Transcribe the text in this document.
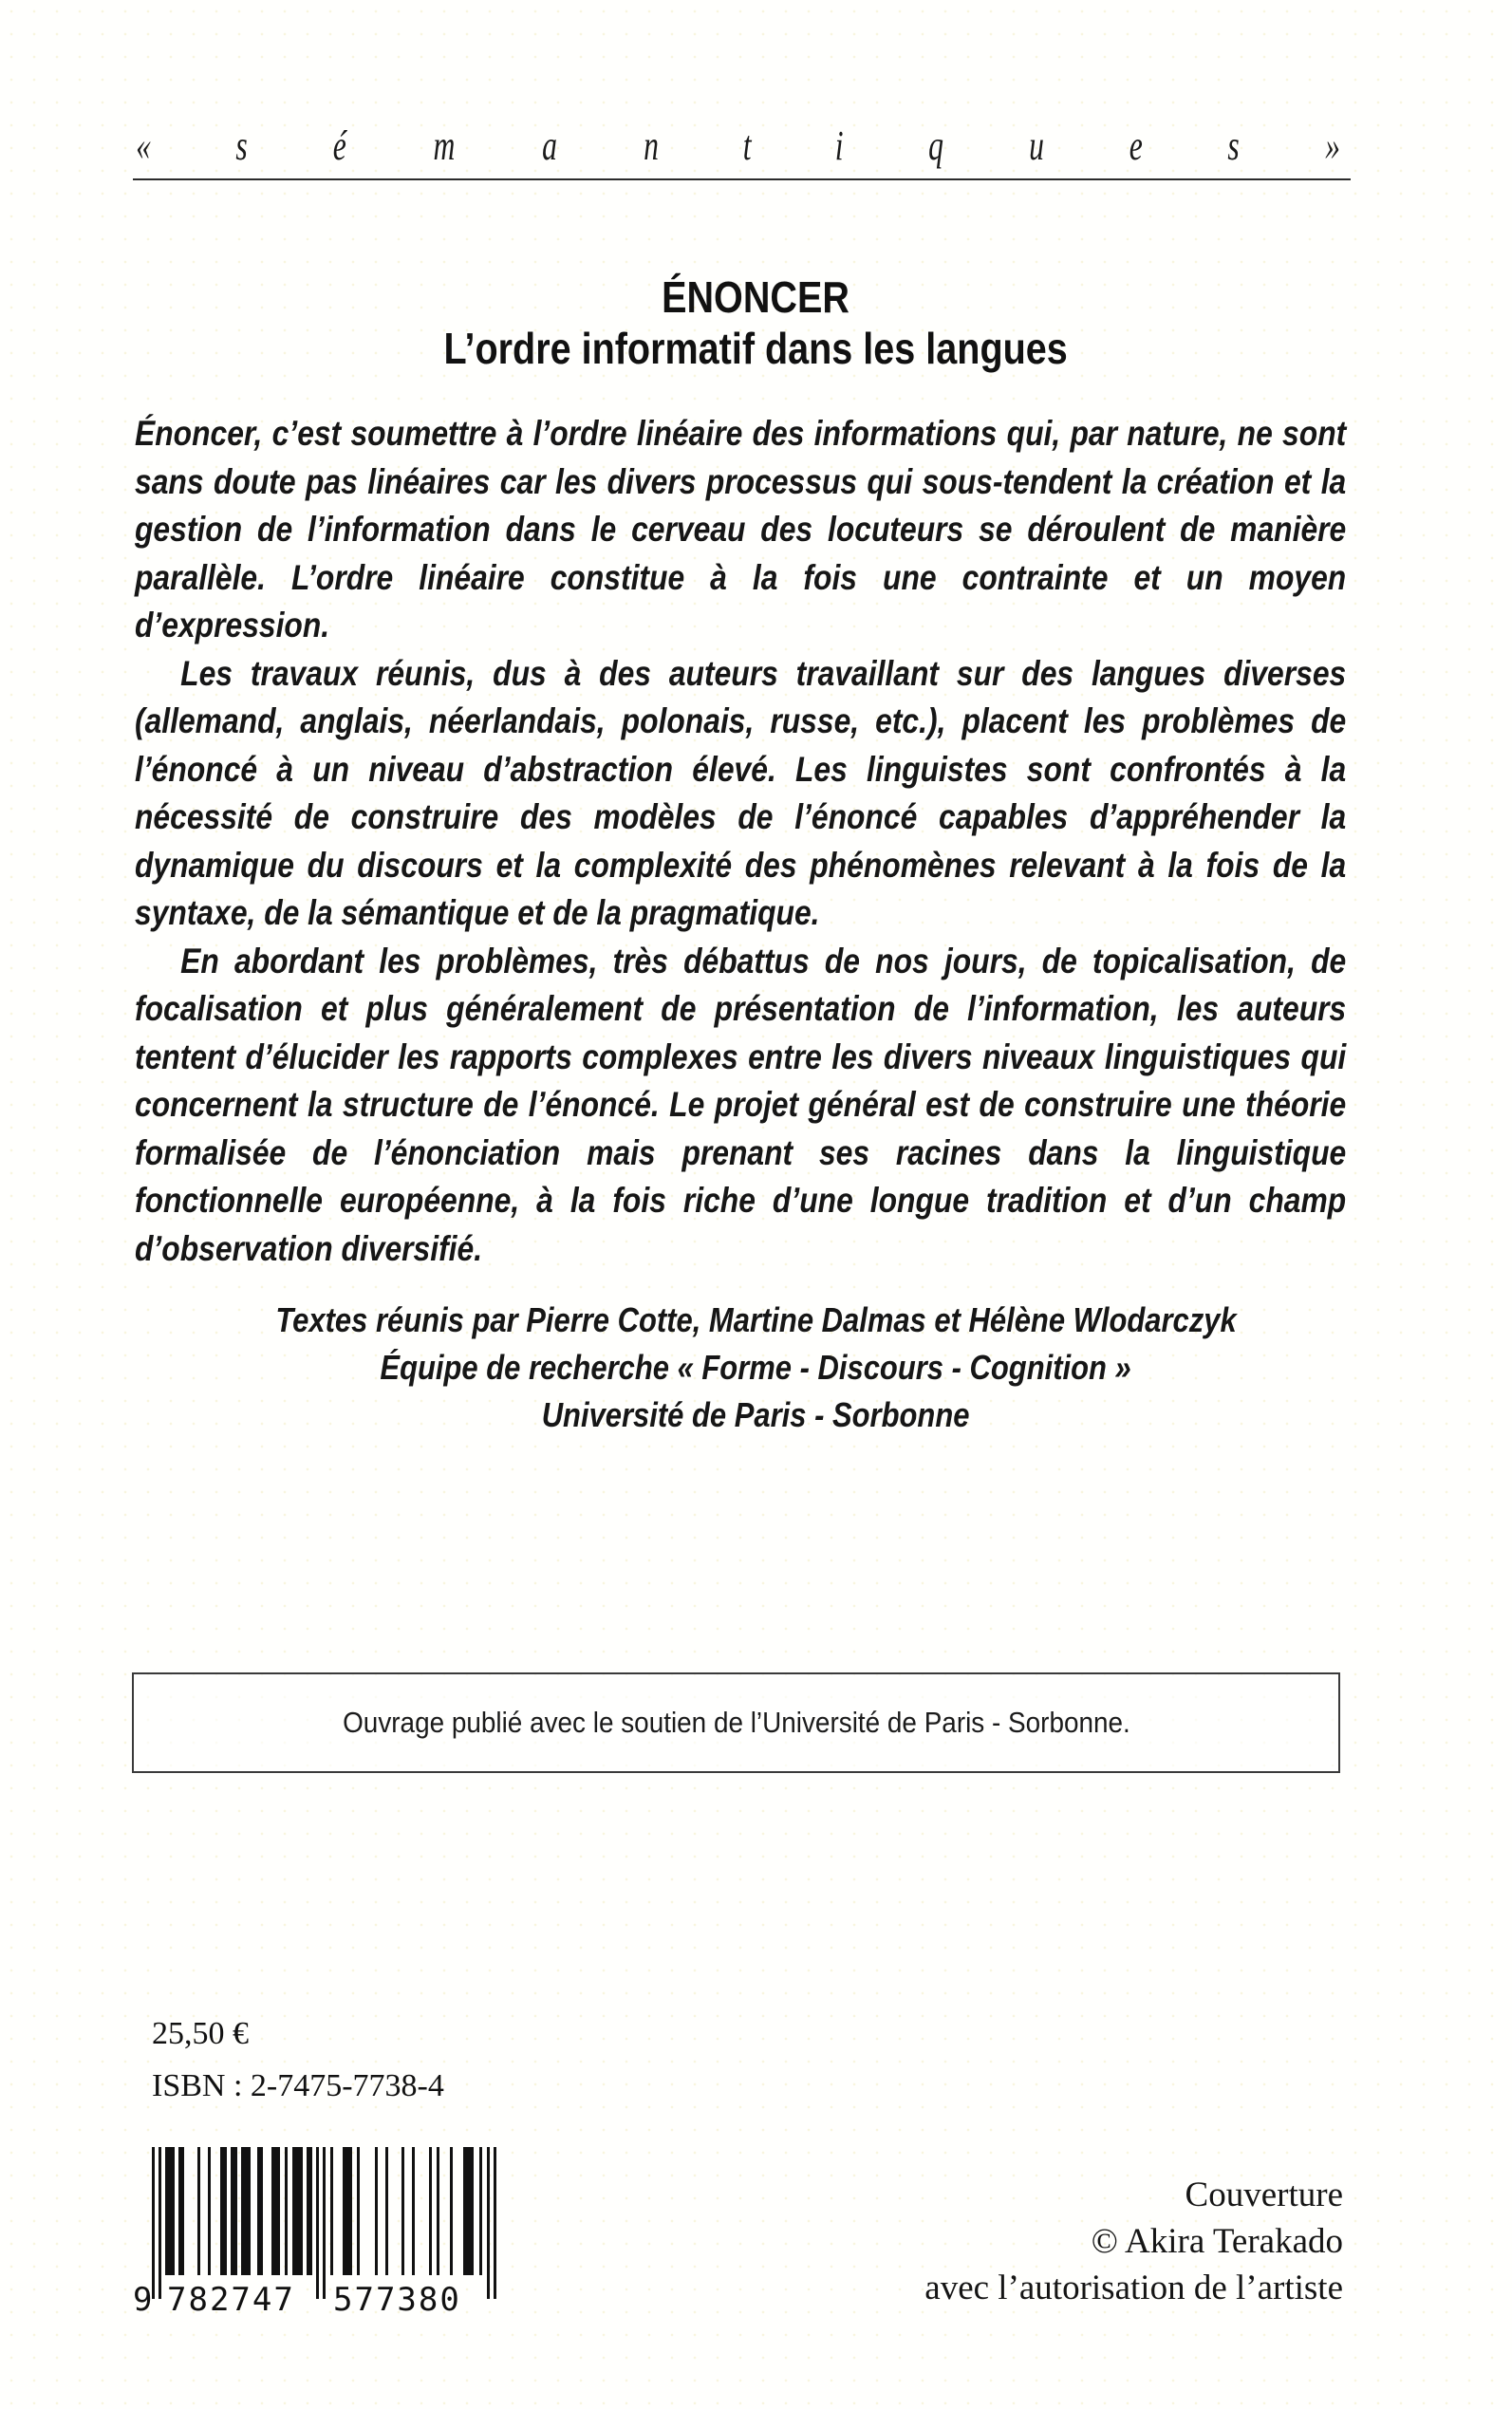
« s é m a n t i q u e s »
ÉNONCER
L’ordre informatif dans les langues

Énoncer, c’est soumettre à l’ordre linéaire des informations qui, par nature, ne sont sans doute pas linéaires car les divers processus qui sous-tendent la création et la gestion de l’information dans le cerveau des locuteurs se déroulent de manière parallèle. L’ordre linéaire constitue à la fois une contrainte et un moyen d’expression.

Les travaux réunis, dus à des auteurs travaillant sur des langues diverses (allemand, anglais, néerlandais, polonais, russe, etc.), placent les problèmes de l’énoncé à un niveau d’abstraction élevé. Les linguistes sont confrontés à la nécessité de construire des modèles de l’énoncé capables d’appréhender la dynamique du discours et la complexité des phénomènes relevant à la fois de la syntaxe, de la sémantique et de la pragmatique.

En abordant les problèmes, très débattus de nos jours, de topicalisation, de focalisation et plus généralement de présentation de l’information, les auteurs tentent d’élucider les rapports complexes entre les divers niveaux linguistiques qui concernent la structure de l’énoncé. Le projet général est de construire une théorie formalisée de l’énonciation mais prenant ses racines dans la linguistique fonctionnelle européenne, à la fois riche d’une longue tradition et d’un champ d’observation diversifié.

Textes réunis par Pierre Cotte, Martine Dalmas et Hélène Wlodarczyk
Équipe de recherche « Forme - Discours - Cognition »
Université de Paris - Sorbonne
Ouvrage publié avec le soutien de l’Université de Paris - Sorbonne.
25,50 €
ISBN : 2-7475-7738-4
9 782747 577380
Couverture
© Akira Terakado
avec l’autorisation de l’artiste
